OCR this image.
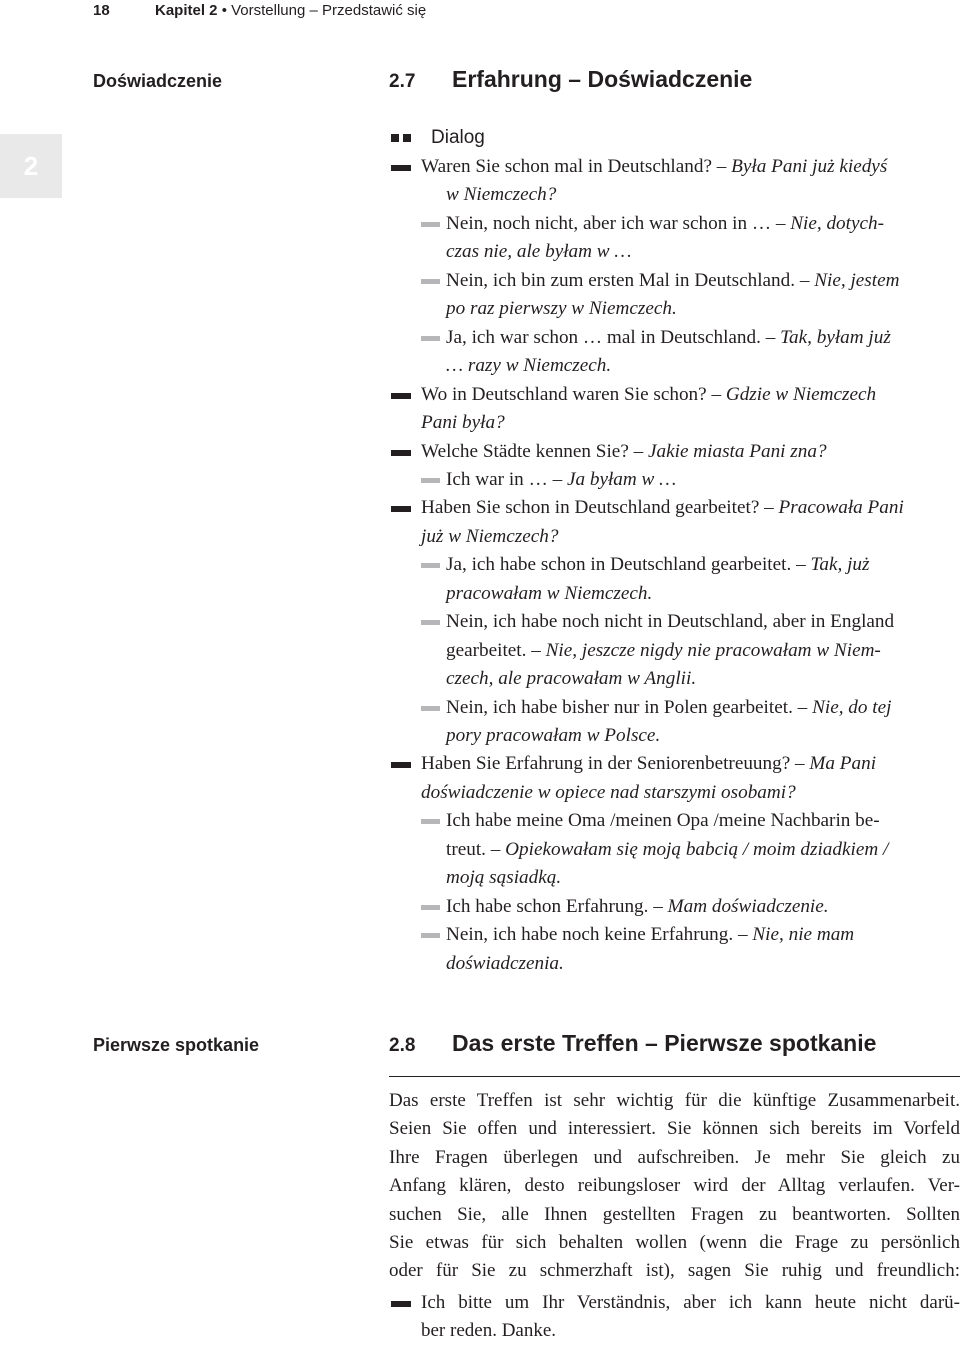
18	Kapitel 2 • Vorstellung – Przedstawić się
2
Doświadczenie	2.7 Erfahrung – Doświadczenie
Dialog
Waren Sie schon mal in Deutschland? – Była Pani już kiedyś
w Niemczech?
Nein, noch nicht, aber ich war schon in … – Nie, dotych-
czas nie, ale byłam w …
Nein, ich bin zum ersten Mal in Deutschland. – Nie, jestem
po raz pierwszy w Niemczech.
Ja, ich war schon … mal in Deutschland. – Tak, byłam już
… razy w Niemczech.
Wo in Deutschland waren Sie schon? – Gdzie w Niemczech
Pani była?
Welche Städte kennen Sie? – Jakie miasta Pani zna?
Ich war in … – Ja byłam w …
Haben Sie schon in Deutschland gearbeitet? – Pracowała Pani
już w Niemczech?
Ja, ich habe schon in Deutschland gearbeitet. – Tak, już
pracowałam w Niemczech.
Nein, ich habe noch nicht in Deutschland, aber in England
gearbeitet. – Nie, jeszcze nigdy nie pracowałam w Niem-
czech, ale pracowałam w Anglii.
Nein, ich habe bisher nur in Polen gearbeitet. – Nie, do tej
pory pracowałam w Polsce.
Haben Sie Erfahrung in der Seniorenbetreuung? – Ma Pani
doświadczenie w opiece nad starszymi osobami?
Ich habe meine Oma /meinen Opa /meine Nachbarin be-
treut. – Opiekowałam się moją babcią / moim dziadkiem /
moją sąsiadką.
Ich habe schon Erfahrung. – Mam doświadczenie.
Nein, ich habe noch keine Erfahrung. – Nie, nie mam
doświadczenia.
Pierwsze spotkanie	2.8 Das erste Treffen – Pierwsze spotkanie
Das erste Treffen ist sehr wichtig für die künftige Zusammenarbeit.
Seien Sie offen und interessiert. Sie können sich bereits im Vorfeld
Ihre Fragen überlegen und aufschreiben. Je mehr Sie gleich zu
Anfang klären, desto reibungsloser wird der Alltag verlaufen. Ver-
suchen Sie, alle Ihnen gestellten Fragen zu beantworten. Sollten
Sie etwas für sich behalten wollen (wenn die Frage zu persönlich
oder für Sie zu schmerzhaft ist), sagen Sie ruhig und freundlich:
Ich bitte um Ihr Verständnis, aber ich kann heute nicht darü-
ber reden. Danke.
